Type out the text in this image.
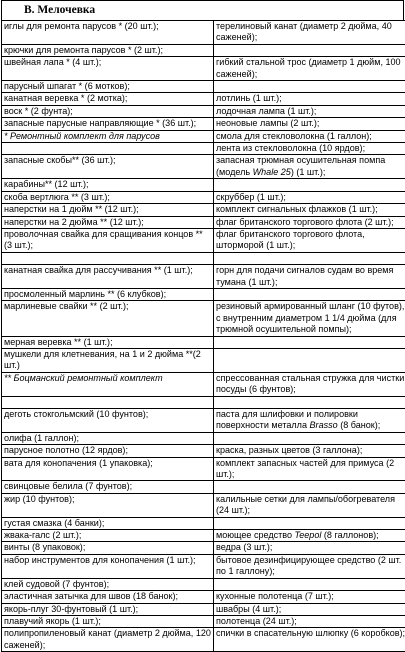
B. Мелочевка
иглы для ремонта парусов * (20 шт.);	терелиновый канат (диаметр 2 дюйма, 40 саженей);
крючки для ремонта парусов * (2 шт.);	
швейная лапа * (4 шт.);	гибкий стальной трос (диаметр 1 дюйм, 100 саженей);
парусный шпагат * (6 мотков);	
канатная веревка * (2 мотка);	лотлинь (1 шт.);
воск * (2 фунта);	лодочная лампа (1 шт.);
запасные парусные направляющие * (36 шт.);	неоновые лампы (2 шт.);
* Ремонтный комплект для парусов	смола для стекловолокна (1 галлон);
	лента из стекловолокна (10 ярдов);
запасные скобы** (36 шт.);	запасная трюмная осушительная помпа (модель Whale 25) (1 шт.);
карабины** (12 шт.);	
скоба вертлюга ** (3 шт.);	скруббер (1 шт.);
наперстки на 1 дюйм ** (12 шт.);	комплект сигнальных флажков (1 шт.);
наперстки на 2 дюйма ** (12 шт.);	флаг британского торгового флота (2 шт.);
проволочная свайка для сращивания концов ** (3 шт.);	флаг британского торгового флота, шторморой (1 шт.);

канатная свайка для рассучивания ** (1 шт.);	горн для подачи сигналов судам во время тумана (1 шт.);
просмоленный марлинь ** (6 клубков);	
марлиневые свайки ** (2 шт.);	резиновый армированный шланг (10 футов), с внутренним диаметром 1 1/4 дюйма (для трюмной осушительной помпы);
мерная веревка ** (1 шт.);	
мушкели для клетневания, на 1 и 2 дюйма **(2 шт.)	
** Боцманский ремонтный комплект	спрессованная стальная стружка для чистки посуды (6 фунтов);

деготь стокгольмский (10 фунтов);	паста для шлифовки и полировки поверхности металла Brasso (8 банок);
олифа (1 галлон);	
парусное полотно (12 ярдов);	краска, разных цветов (3 галлона);
вата для конопачения (1 упаковка);	комплект запасных частей для примуса (2 шт.);
свинцовые белила (7 фунтов);	
жир (10 фунтов);	калильные сетки для лампы/обогревателя (24 шт.);
густая смазка (4 банки);	
жвака-галс (2 шт.);	моющее средство Teepol (8 галлонов);
винты (8 упаковок);	ведра (3 шт.);
набор инструментов для конопачения (1 шт.);	бытовое дезинфицирующее средство (2 шт. по 1 галлону);
клей судовой (7 фунтов);	
эластичная затычка для швов (18 банок);	кухонные полотенца (7 шт.);
якорь-плуг 30-фунтовый (1 шт.);	швабры (4 шт.);
плавучий якорь (1 шт.);	полотенца (24 шт.);
полипропиленовый канат (диаметр 2 дюйма, 120 саженей);	спички в спасательную шлюпку (6 коробков);
